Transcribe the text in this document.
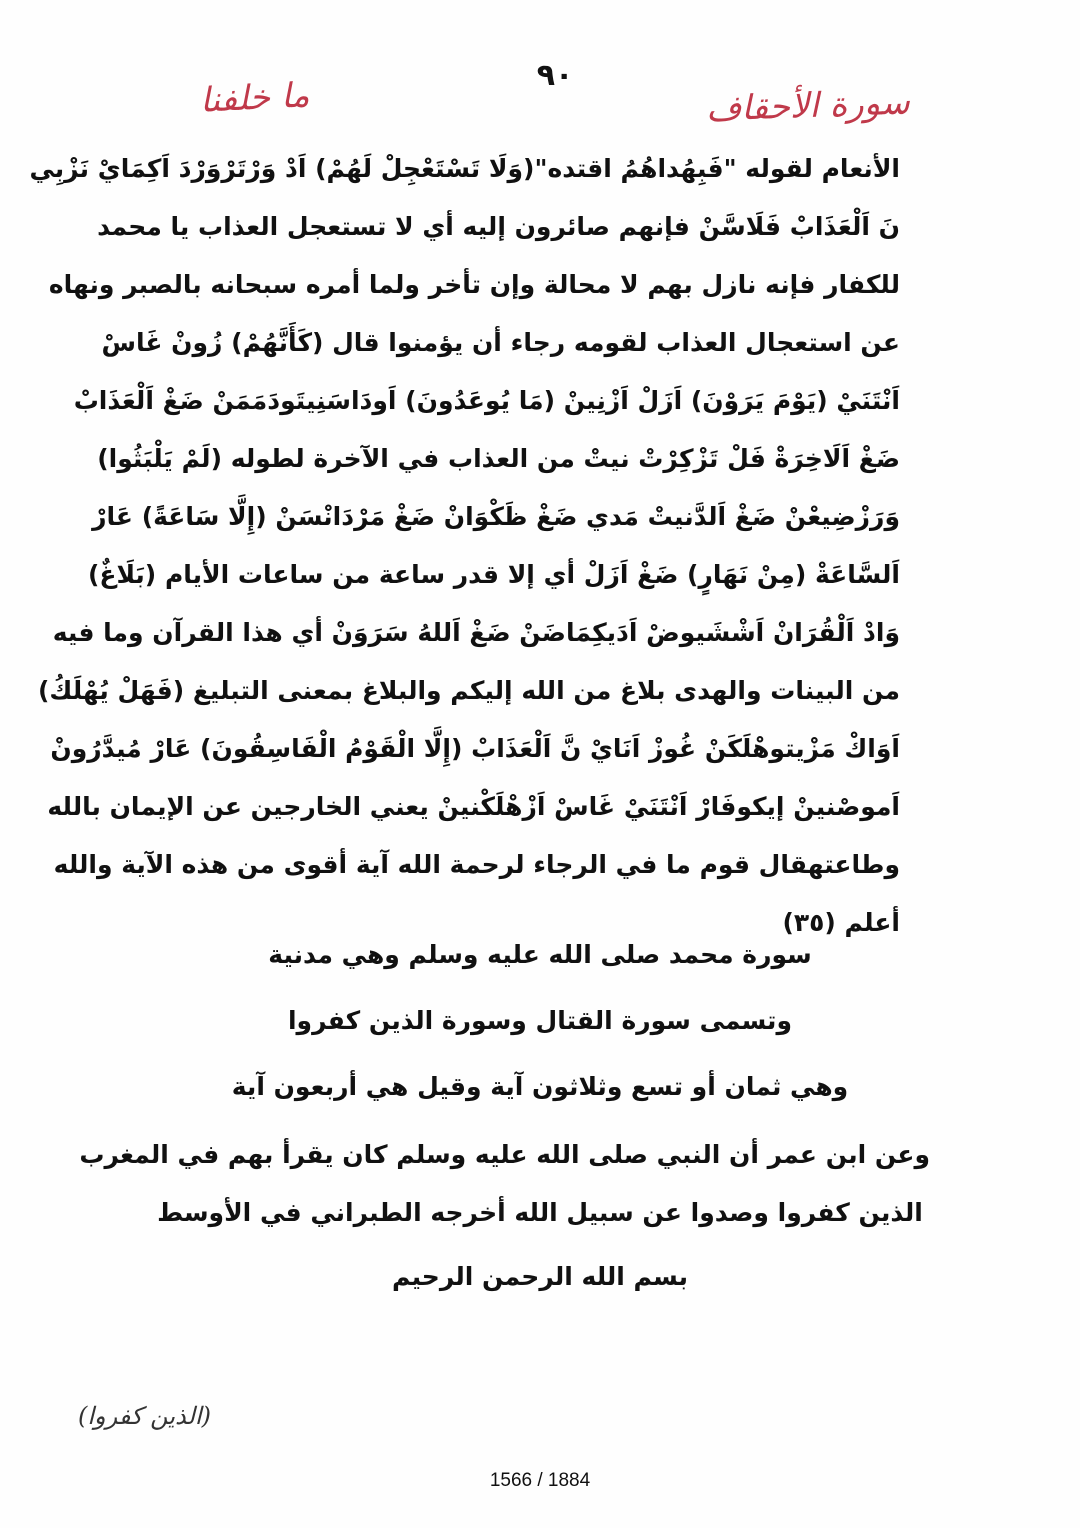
٩٠
ما خلفنا	سورة الأحقاف
الأنعام لقوله "فَبِهُداهُمُ اقتده"(وَلَا تَسْتَعْجِلْ لَهُمْ) اَدْ وَرْتَرْوَرْدَ اَكِمَايْ نَزْبِي
نَ اَلْعَذَابْ فَلَاسَّنْ فإنهم صائرون إليه أي لا تستعجل العذاب يا محمد
للكفار فإنه نازل بهم لا محالة وإن تأخر ولما أمره سبحانه بالصبر ونهاه
عن استعجال العذاب لقومه رجاء أن يؤمنوا قال (كَأَنَّهُمْ) زُونْ غَاسْ
اَنْتَنَيْ (يَوْمَ يَرَوْنَ) اَزَلْ اَزْنِينْ (مَا يُوعَدُونَ) اَودَاسَنِيتَودَمَمَنْ ضَغْ اَلْعَذَابْ
ضَغْ اَلَاخِرَةْ فَلْ تَزْكِرْتْ نيتْ من العذاب في الآخرة لطوله (لَمْ يَلْبَثُوا)
وَرَزْضِيعْنْ ضَغْ اَلدَّنيتْ مَدي ضَغْ ظَكْوَانْ ضَغْ مَرْدَانْسَنْ (إِلَّا سَاعَةً) عَارْ
اَلسَّاعَةْ (مِنْ نَهَارٍ) ضَغْ اَزَلْ أي إلا قدر ساعة من ساعات الأيام (بَلَاغٌ)
وَادْ اَلْقُرَانْ اَشْشَيوضْ اَدَيكِمَاضَنْ ضَغْ اَللهُ سَرَوَنْ أي هذا القرآن وما فيه
من البينات والهدى بلاغ من الله إليكم والبلاغ بمعنى التبليغ (فَهَلْ يُهْلَكُ)
اَوَاكْ مَزْيتوهْلَكَنْ غُوزْ اَنَايْ نَّ اَلْعَذَابْ (إِلَّا الْقَوْمُ الْفَاسِقُونَ) عَارْ مُيدَّرُونْ
اَموصْنينْ إيكوفَارْ اَنْتَنَيْ غَاسْ اَزْهْلَكْنينْ يعني الخارجين عن الإيمان بالله
وطاعتهقال قوم ما في الرجاء لرحمة الله آية أقوى من هذه الآية والله
أعلم (٣٥)
سورة محمد صلى الله عليه وسلم وهي مدنية
وتسمى سورة القتال وسورة الذين كفروا
وهي ثمان أو تسع وثلاثون آية وقيل هي أربعون آية
وعن ابن عمر أن النبي صلى الله عليه وسلم كان يقرأ بهم في المغرب
الذين كفروا وصدوا عن سبيل الله أخرجه الطبراني في الأوسط
بسم الله الرحمن الرحيم
(الذين كفروا)
1566 / 1884
